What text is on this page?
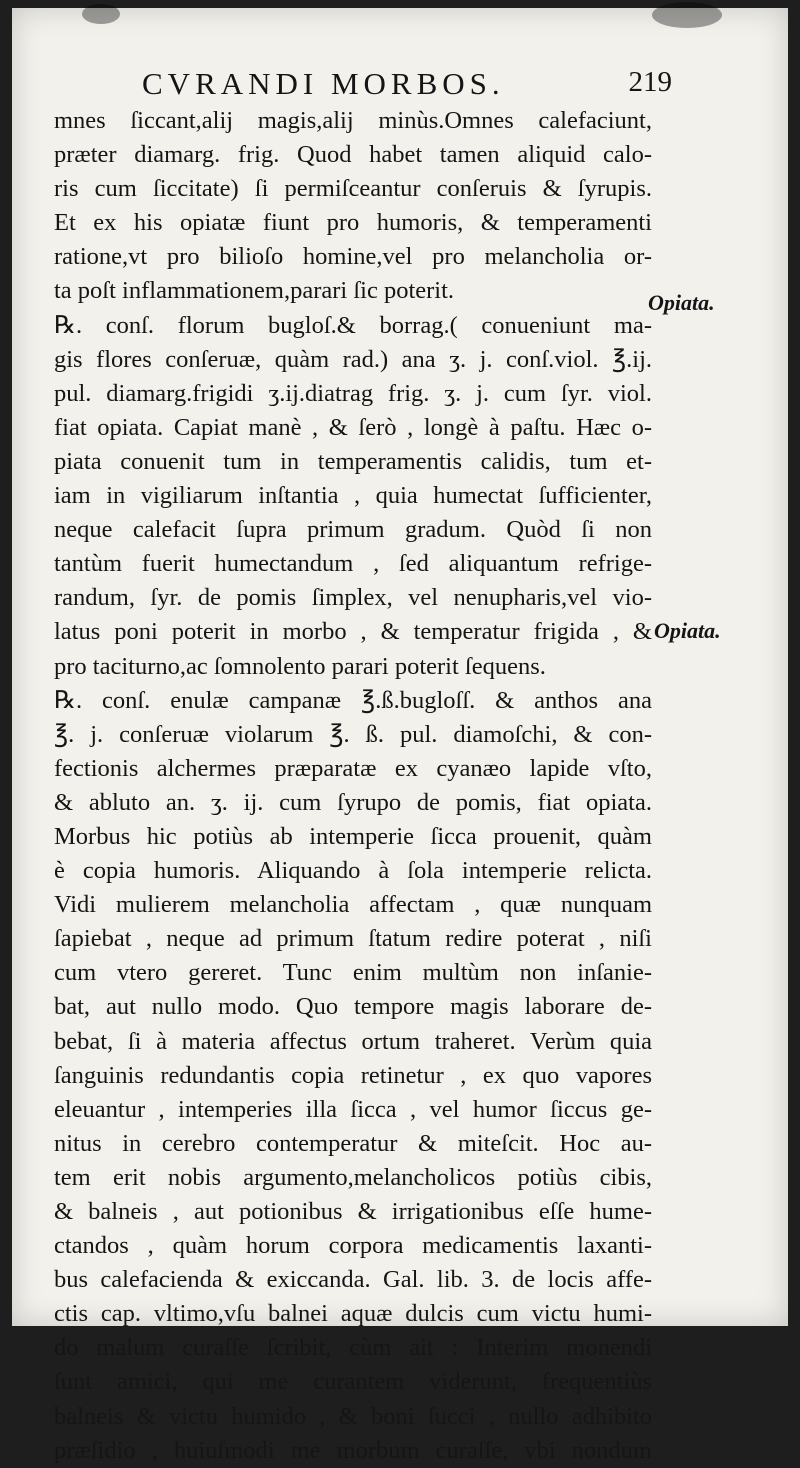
CVRANDI MORBOS.	219
Opiata.
Opiata.
mnes ſiccant,alij magis,alij minùs.Omnes calefaciunt,
præter diamarg. frig. Quod habet tamen aliquid calo-
ris cum ſiccitate) ſi permiſceantur conſeruis & ſyrupis.
Et ex his opiatæ fiunt pro humoris, & temperamenti
ratione,vt pro bilioſo homine,vel pro melancholia or-
ta poſt inflammationem,parari ſic poterit.
℞. conſ. florum bugloſ.& borrag.( conueniunt ma-
gis flores conſeruæ, quàm rad.) ana ʒ. j. conſ.viol. ℥.ij.
pul. diamarg.frigidi ʒ.ij.diatrag frig. ʒ. j. cum ſyr. viol.
fiat opiata. Capiat manè , & ſerò , longè à paſtu. Hæc o-
piata conuenit tum in temperamentis calidis, tum et-
iam in vigiliarum inſtantia , quia humectat ſufficienter,
neque calefacit ſupra primum gradum. Quòd ſi non
tantùm fuerit humectandum , ſed aliquantum refrige-
randum, ſyr. de pomis ſimplex, vel nenupharis,vel vio-
latus poni poterit in morbo , & temperatur frigida , &
pro taciturno,ac ſomnolento parari poterit ſequens.
℞. conſ. enulæ campanæ ℥.ß.bugloſſ. & anthos ana
℥. j. conſeruæ violarum ℥. ß. pul. diamoſchi, & con-
fectionis alchermes præparatæ ex cyanæo lapide vſto,
& abluto an. ʒ. ij. cum ſyrupo de pomis, fiat opiata.
Morbus hic potiùs ab intemperie ſicca prouenit, quàm
è copia humoris. Aliquando à ſola intemperie relicta.
Vidi mulierem melancholia affectam , quæ nunquam
ſapiebat , neque ad primum ſtatum redire poterat , niſi
cum vtero gereret. Tunc enim multùm non inſanie-
bat, aut nullo modo. Quo tempore magis laborare de-
bebat, ſi à materia affectus ortum traheret. Verùm quia
ſanguinis redundantis copia retinetur , ex quo vapores
eleuantur , intemperies illa ſicca , vel humor ſiccus ge-
nitus in cerebro contemperatur & miteſcit. Hoc au-
tem erit nobis argumento,melancholicos potiùs cibis,
& balneis , aut potionibus & irrigationibus eſſe hume-
ctandos , quàm horum corpora medicamentis laxanti-
bus calefacienda & exiccanda. Gal. lib. 3. de locis affe-
ctis cap. vltimo,vſu balnei aquæ dulcis cum victu humi-
do malum curaſſe ſcribit, cùm ait : Interim monendi
ſunt amici, qui me curantem viderunt, frequentiùs
balneis & victu humido , & boni ſucci , nullo adhibito
præſidio , huiuſmodi me morbum curaſſe, vbi nondum
